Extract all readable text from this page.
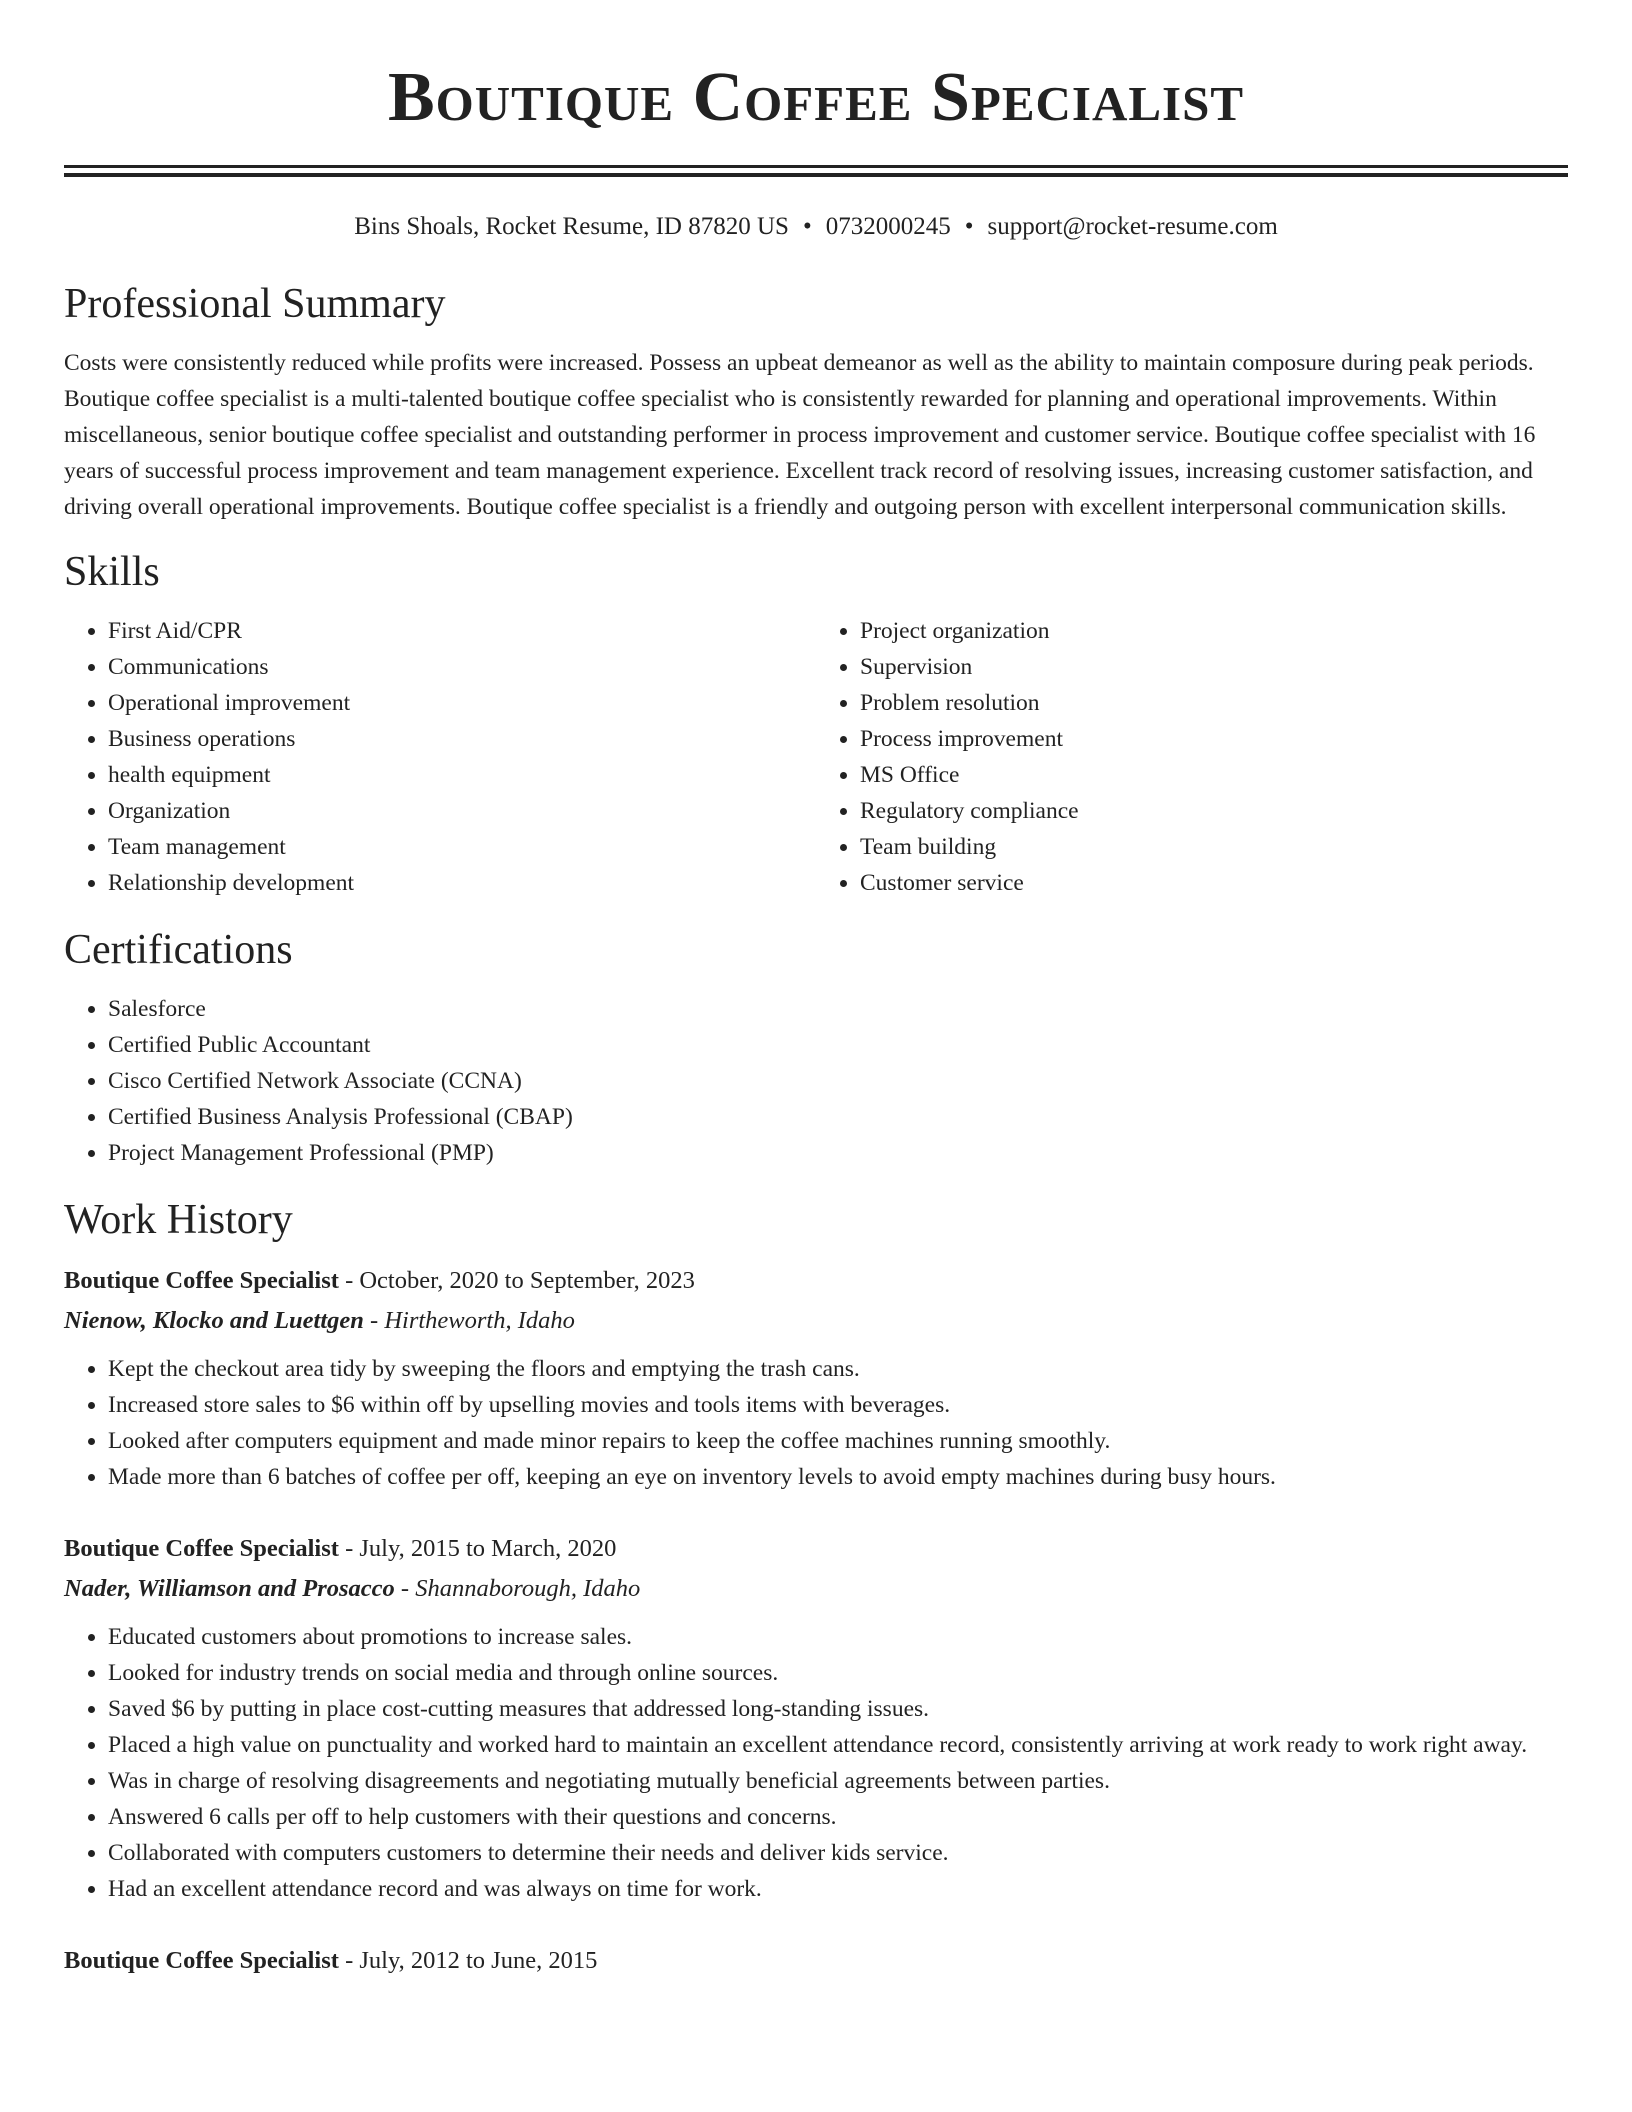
Boutique Coffee Specialist
Bins Shoals, Rocket Resume, ID 87820 US • 0732000245 • support@rocket-resume.com
Professional Summary

Costs were consistently reduced while profits were increased. Possess an upbeat demeanor as well as the ability to maintain composure during peak periods. Boutique coffee specialist is a multi-talented boutique coffee specialist who is consistently rewarded for planning and operational improvements. Within miscellaneous, senior boutique coffee specialist and outstanding performer in process improvement and customer service. Boutique coffee specialist with 16 years of successful process improvement and team management experience. Excellent track record of resolving issues, increasing customer satisfaction, and driving overall operational improvements. Boutique coffee specialist is a friendly and outgoing person with excellent interpersonal communication skills.

Skills
• First Aid/CPR
• Communications
• Operational improvement
• Business operations
• health equipment
• Organization
• Team management
• Relationship development
• Project organization
• Supervision
• Problem resolution
• Process improvement
• MS Office
• Regulatory compliance
• Team building
• Customer service
Certifications
• Salesforce
• Certified Public Accountant
• Cisco Certified Network Associate (CCNA)
• Certified Business Analysis Professional (CBAP)
• Project Management Professional (PMP)
Work History
Boutique Coffee Specialist - October, 2020 to September, 2023
Nienow, Klocko and Luettgen - Hirtheworth, Idaho
• Kept the checkout area tidy by sweeping the floors and emptying the trash cans.
• Increased store sales to $6 within off by upselling movies and tools items with beverages.
• Looked after computers equipment and made minor repairs to keep the coffee machines running smoothly.
• Made more than 6 batches of coffee per off, keeping an eye on inventory levels to avoid empty machines during busy hours.
Boutique Coffee Specialist - July, 2015 to March, 2020
Nader, Williamson and Prosacco - Shannaborough, Idaho
• Educated customers about promotions to increase sales.
• Looked for industry trends on social media and through online sources.
• Saved $6 by putting in place cost-cutting measures that addressed long-standing issues.
• Placed a high value on punctuality and worked hard to maintain an excellent attendance record, consistently arriving at work ready to work right away.
• Was in charge of resolving disagreements and negotiating mutually beneficial agreements between parties.
• Answered 6 calls per off to help customers with their questions and concerns.
• Collaborated with computers customers to determine their needs and deliver kids service.
• Had an excellent attendance record and was always on time for work.
Boutique Coffee Specialist - July, 2012 to June, 2015
